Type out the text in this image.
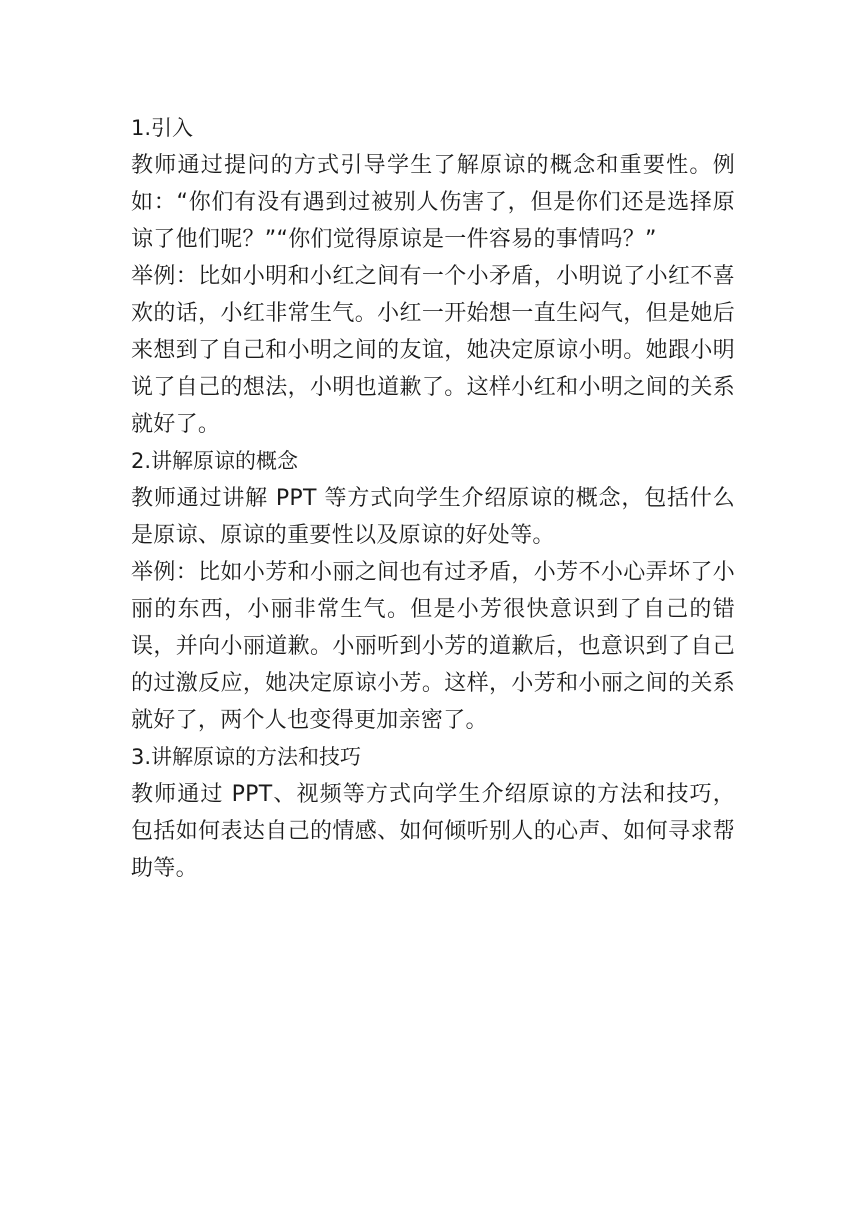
1.引入

教师通过提问的方式引导学生了解原谅的概念和重要性。例如：“你们有没有遇到过被别人伤害了，但是你们还是选择原谅了他们呢？”“你们觉得原谅是一件容易的事情吗？”

举例：比如小明和小红之间有一个小矛盾，小明说了小红不喜欢的话，小红非常生气。小红一开始想一直生闷气，但是她后来想到了自己和小明之间的友谊，她决定原谅小明。她跟小明说了自己的想法，小明也道歉了。这样小红和小明之间的关系就好了。

2.讲解原谅的概念

教师通过讲解 PPT 等方式向学生介绍原谅的概念，包括什么是原谅、原谅的重要性以及原谅的好处等。

举例：比如小芳和小丽之间也有过矛盾，小芳不小心弄坏了小丽的东西，小丽非常生气。但是小芳很快意识到了自己的错误，并向小丽道歉。小丽听到小芳的道歉后，也意识到了自己的过激反应，她决定原谅小芳。这样，小芳和小丽之间的关系就好了，两个人也变得更加亲密了。

3.讲解原谅的方法和技巧

教师通过 PPT、视频等方式向学生介绍原谅的方法和技巧，包括如何表达自己的情感、如何倾听别人的心声、如何寻求帮助等。
